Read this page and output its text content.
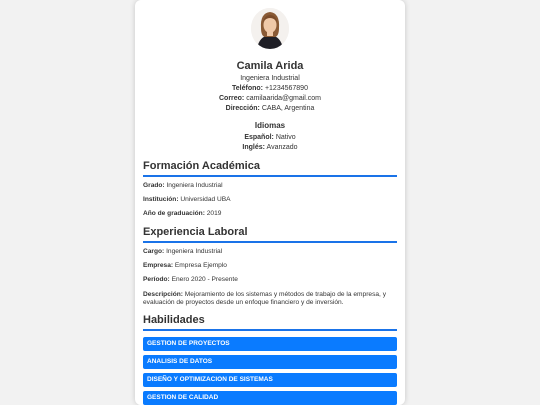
Camila Arida
Ingeniera Industrial
Teléfono: +1234567890
Correo: camilaarida@gmail.com
Dirección: CABA, Argentina
Idiomas
Español: Nativo
Inglés: Avanzado
Formación Académica
Grado: Ingeniera Industrial
Institución: Universidad UBA
Año de graduación: 2019
Experiencia Laboral
Cargo: Ingeniera Industrial
Empresa: Empresa Ejemplo
Período: Enero 2020 - Presente
Descripción: Mejoramiento de los sistemas y métodos de trabajo de la empresa, y evaluación de proyectos desde un enfoque financiero y de inversión.
Habilidades
GESTION DE PROYECTOS
ANALISIS DE DATOS
DISEÑO Y OPTIMIZACION DE SISTEMAS
GESTION DE CALIDAD
